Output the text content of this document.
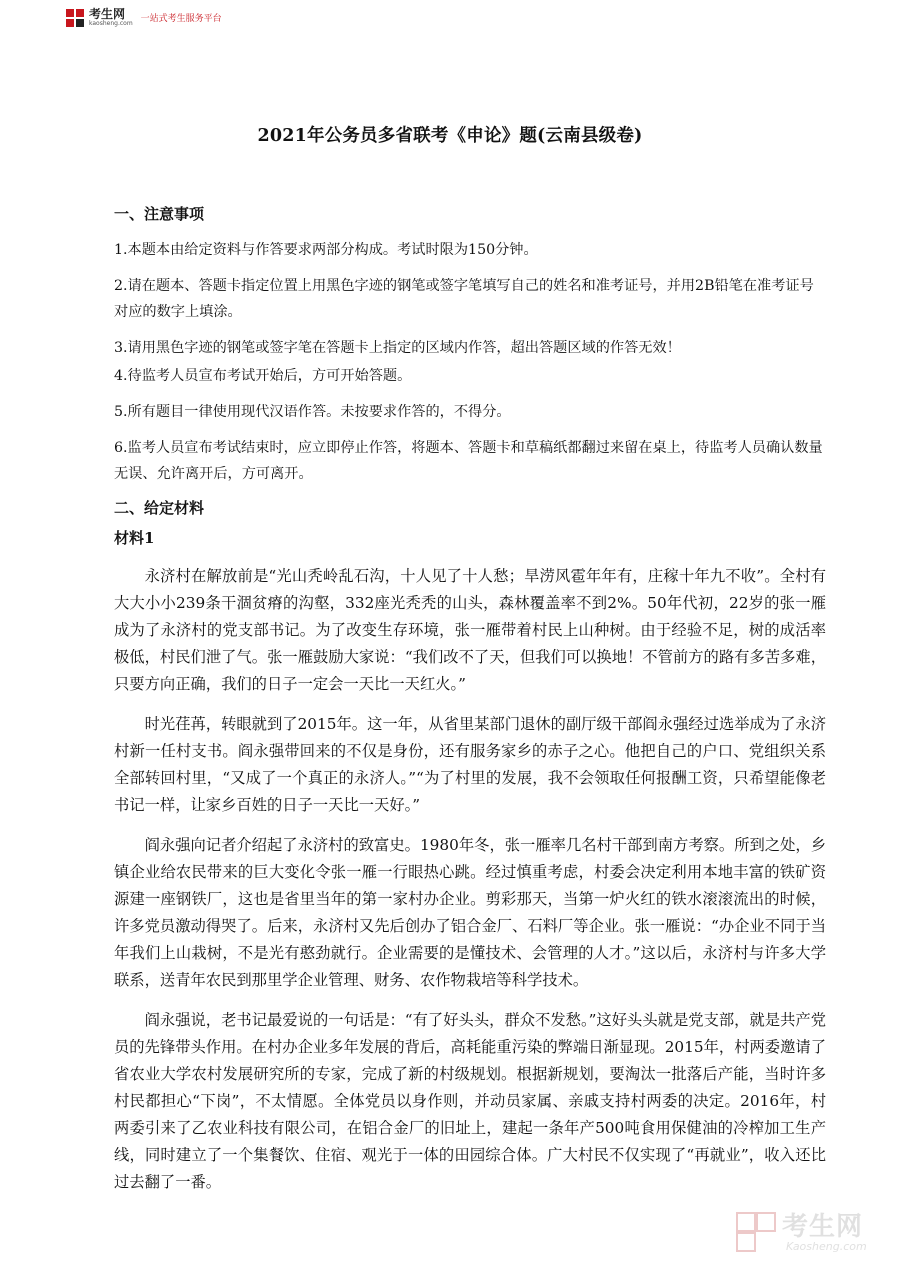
考生网
kaosheng.com 一站式考生服务平台
2021年公务员多省联考《申论》题(云南县级卷)
一、注意事项

1.本题本由给定资料与作答要求两部分构成。考试时限为150分钟。

2.请在题本、答题卡指定位置上用黑色字迹的钢笔或签字笔填写自己的姓名和准考证号，并用2B铅笔在准考证号对应的数字上填涂。

3.请用黑色字迹的钢笔或签字笔在答题卡上指定的区域内作答，超出答题区域的作答无效！

4.待监考人员宣布考试开始后，方可开始答题。

5.所有题目一律使用现代汉语作答。未按要求作答的，不得分。

6.监考人员宣布考试结束时，应立即停止作答，将题本、答题卡和草稿纸都翻过来留在桌上，待监考人员确认数量无误、允许离开后，方可离开。

二、给定材料
材料1

永济村在解放前是“光山秃岭乱石沟，十人见了十人愁；旱涝风雹年年有，庄稼十年九不收”。全村有大大小小239条干涸贫瘠的沟壑，332座光秃秃的山头，森林覆盖率不到2%。50年代初，22岁的张一雁成为了永济村的党支部书记。为了改变生存环境，张一雁带着村民上山种树。由于经验不足，树的成活率极低，村民们泄了气。张一雁鼓励大家说：“我们改不了天，但我们可以换地！不管前方的路有多苦多难，只要方向正确，我们的日子一定会一天比一天红火。”

时光荏苒，转眼就到了2015年。这一年，从省里某部门退休的副厅级干部阎永强经过选举成为了永济村新一任村支书。阎永强带回来的不仅是身份，还有服务家乡的赤子之心。他把自己的户口、党组织关系全部转回村里，“又成了一个真正的永济人。”“为了村里的发展，我不会领取任何报酬工资，只希望能像老书记一样，让家乡百姓的日子一天比一天好。”

阎永强向记者介绍起了永济村的致富史。1980年冬，张一雁率几名村干部到南方考察。所到之处，乡镇企业给农民带来的巨大变化令张一雁一行眼热心跳。经过慎重考虑，村委会决定利用本地丰富的铁矿资源建一座钢铁厂，这也是省里当年的第一家村办企业。剪彩那天，当第一炉火红的铁水滚滚流出的时候，许多党员激动得哭了。后来，永济村又先后创办了铝合金厂、石料厂等企业。张一雁说：“办企业不同于当年我们上山栽树，不是光有憨劲就行。企业需要的是懂技术、会管理的人才。”这以后，永济村与许多大学联系，送青年农民到那里学企业管理、财务、农作物栽培等科学技术。

阎永强说，老书记最爱说的一句话是：“有了好头头，群众不发愁。”这好头头就是党支部，就是共产党员的先锋带头作用。在村办企业多年发展的背后，高耗能重污染的弊端日渐显现。2015年，村两委邀请了省农业大学农村发展研究所的专家，完成了新的村级规划。根据新规划，要淘汰一批落后产能，当时许多村民都担心“下岗”，不太情愿。全体党员以身作则，并动员家属、亲戚支持村两委的决定。2016年，村两委引来了乙农业科技有限公司，在铝合金厂的旧址上，建起一条年产500吨食用保健油的冷榨加工生产线，同时建立了一个集餐饮、住宿、观光于一体的田园综合体。广大村民不仅实现了“再就业”，收入还比过去翻了一番。

考生网
Kaosheng.com
